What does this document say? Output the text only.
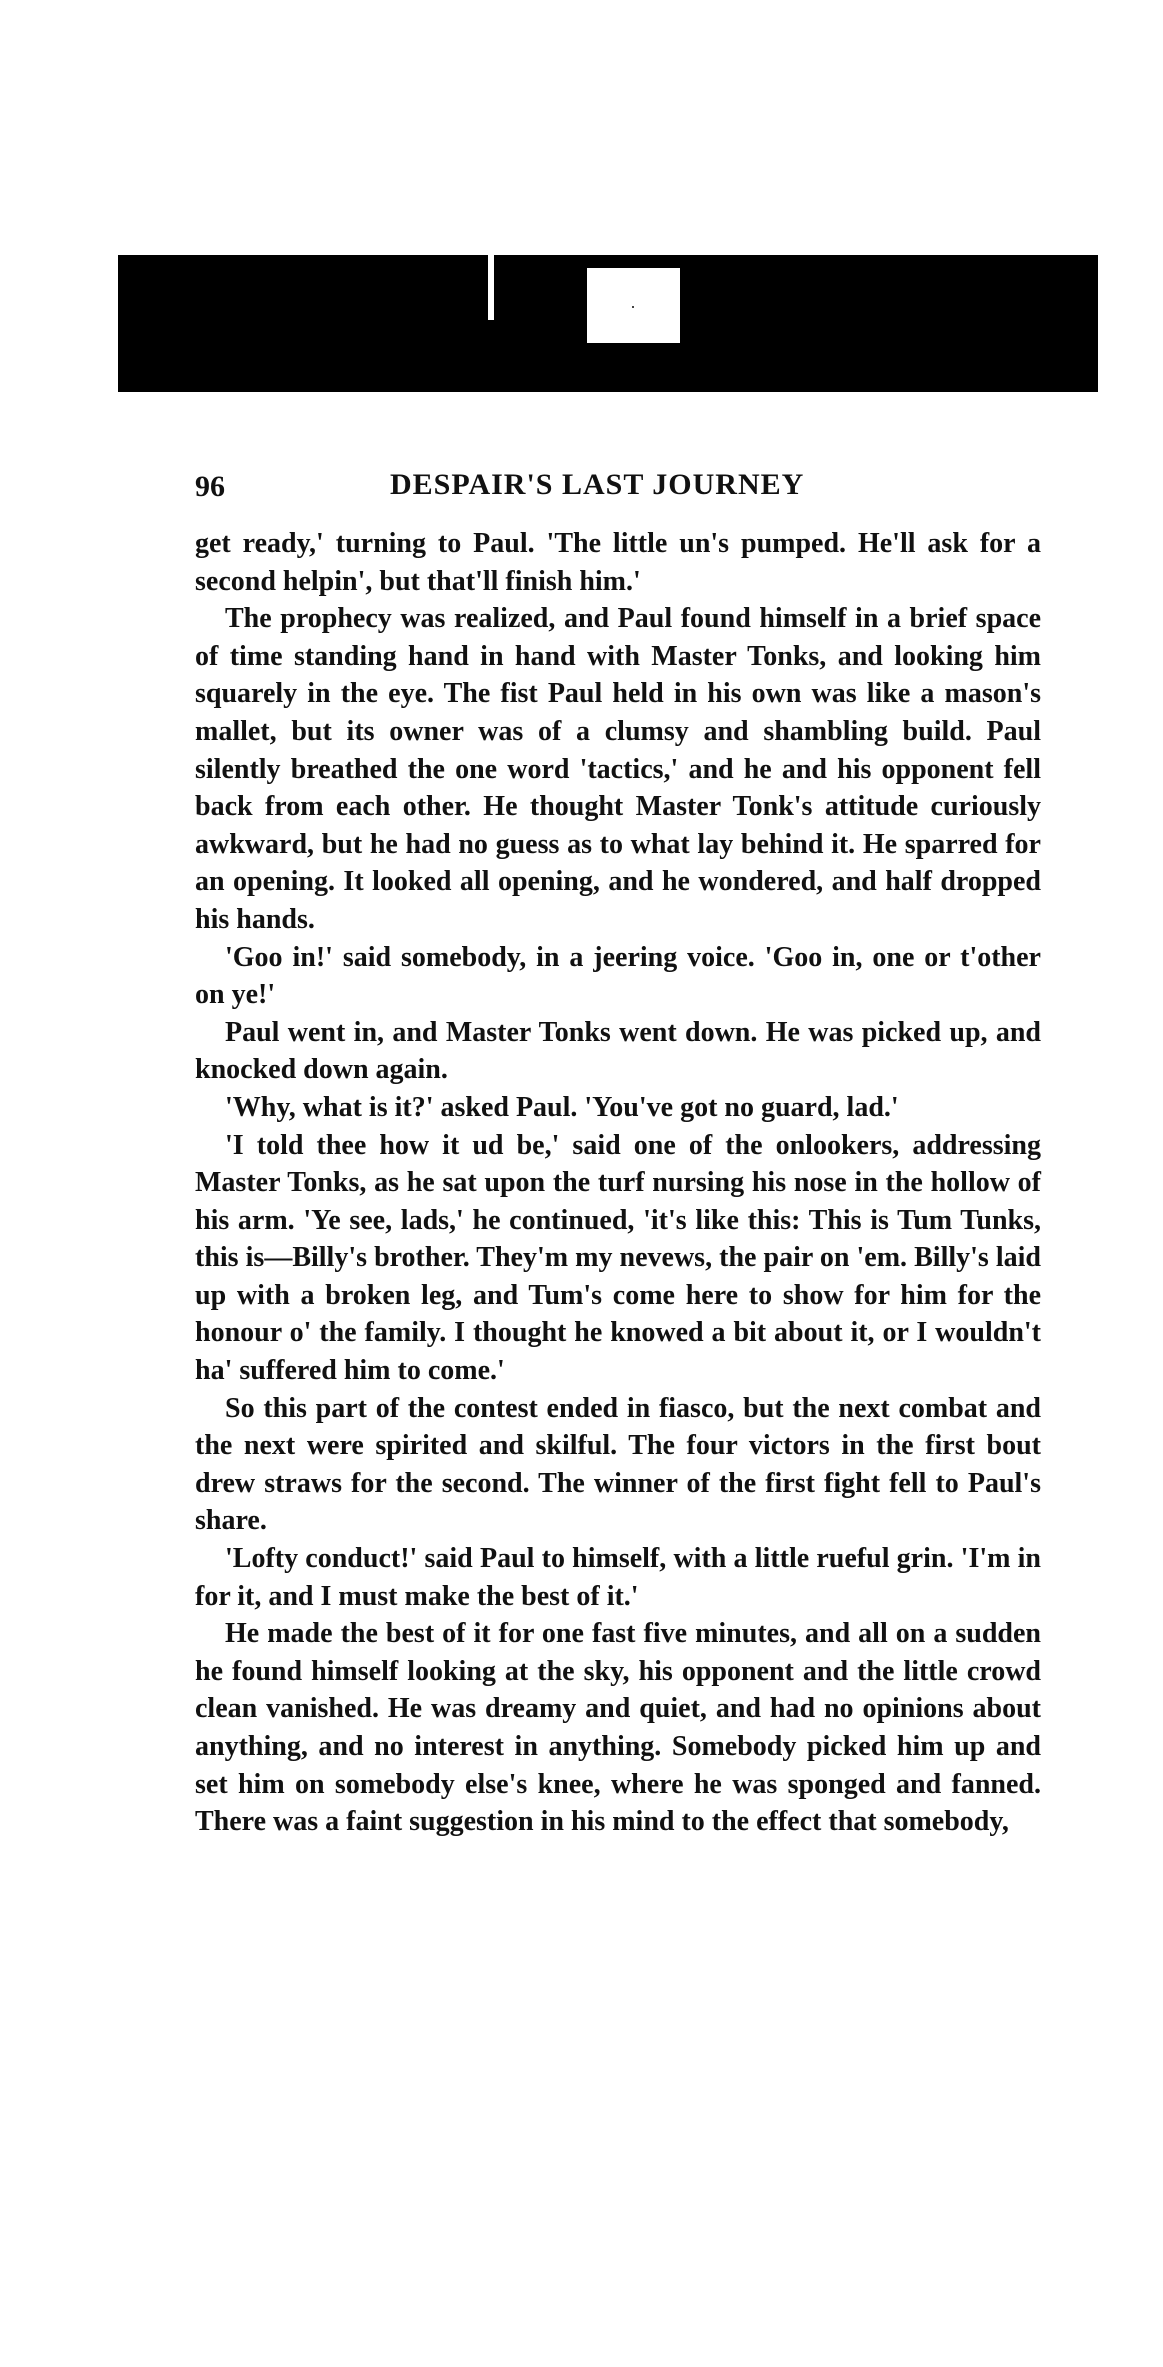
96	DESPAIR'S LAST JOURNEY

get ready,' turning to Paul. 'The little un's pumped. He'll ask for a second helpin', but that'll finish him.'

The prophecy was realized, and Paul found himself in a brief space of time standing hand in hand with Master Tonks, and looking him squarely in the eye. The fist Paul held in his own was like a mason's mallet, but its owner was of a clumsy and shambling build. Paul silently breathed the one word 'tactics,' and he and his opponent fell back from each other. He thought Master Tonk's attitude curiously awkward, but he had no guess as to what lay behind it. He sparred for an opening. It looked all opening, and he wondered, and half dropped his hands.

'Goo in!' said somebody, in a jeering voice. 'Goo in, one or t'other on ye!'

Paul went in, and Master Tonks went down. He was picked up, and knocked down again.

'Why, what is it?' asked Paul. 'You've got no guard, lad.'

'I told thee how it ud be,' said one of the onlookers, addressing Master Tonks, as he sat upon the turf nursing his nose in the hollow of his arm. 'Ye see, lads,' he continued, 'it's like this: This is Tum Tunks, this is—Billy's brother. They'm my nevews, the pair on 'em. Billy's laid up with a broken leg, and Tum's come here to show for him for the honour o' the family. I thought he knowed a bit about it, or I wouldn't ha' suffered him to come.'

So this part of the contest ended in fiasco, but the next combat and the next were spirited and skilful. The four victors in the first bout drew straws for the second. The winner of the first fight fell to Paul's share.

'Lofty conduct!' said Paul to himself, with a little rueful grin. 'I'm in for it, and I must make the best of it.'

He made the best of it for one fast five minutes, and all on a sudden he found himself looking at the sky, his opponent and the little crowd clean vanished. He was dreamy and quiet, and had no opinions about anything, and no interest in anything. Somebody picked him up and set him on somebody else's knee, where he was sponged and fanned. There was a faint suggestion in his mind to the effect that somebody,
